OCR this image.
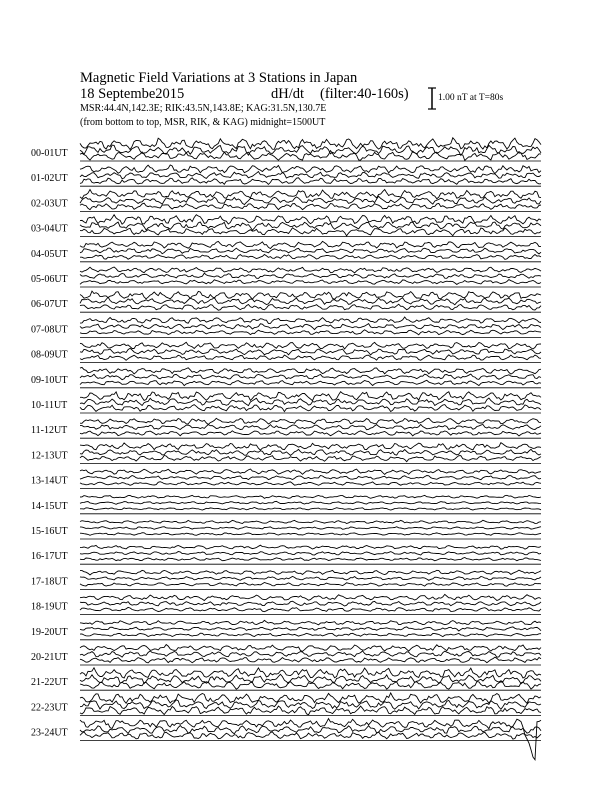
Magnetic Field Variations at 3 Stations in Japan
18 Septembe2015	dH/dt (filter:40-160s)
MSR:44.4N,142.3E; RIK:43.5N,143.8E; KAG:31.5N,130.7E
(from bottom to top, MSR, RIK, & KAG) midnight=1500UT
1.00 nT at T=80s
00-01UT
01-02UT
02-03UT
03-04UT
04-05UT
05-06UT
06-07UT
07-08UT
08-09UT
09-10UT
10-11UT
11-12UT
12-13UT
13-14UT
14-15UT
15-16UT
16-17UT
17-18UT
18-19UT
19-20UT
20-21UT
21-22UT
22-23UT
23-24UT
